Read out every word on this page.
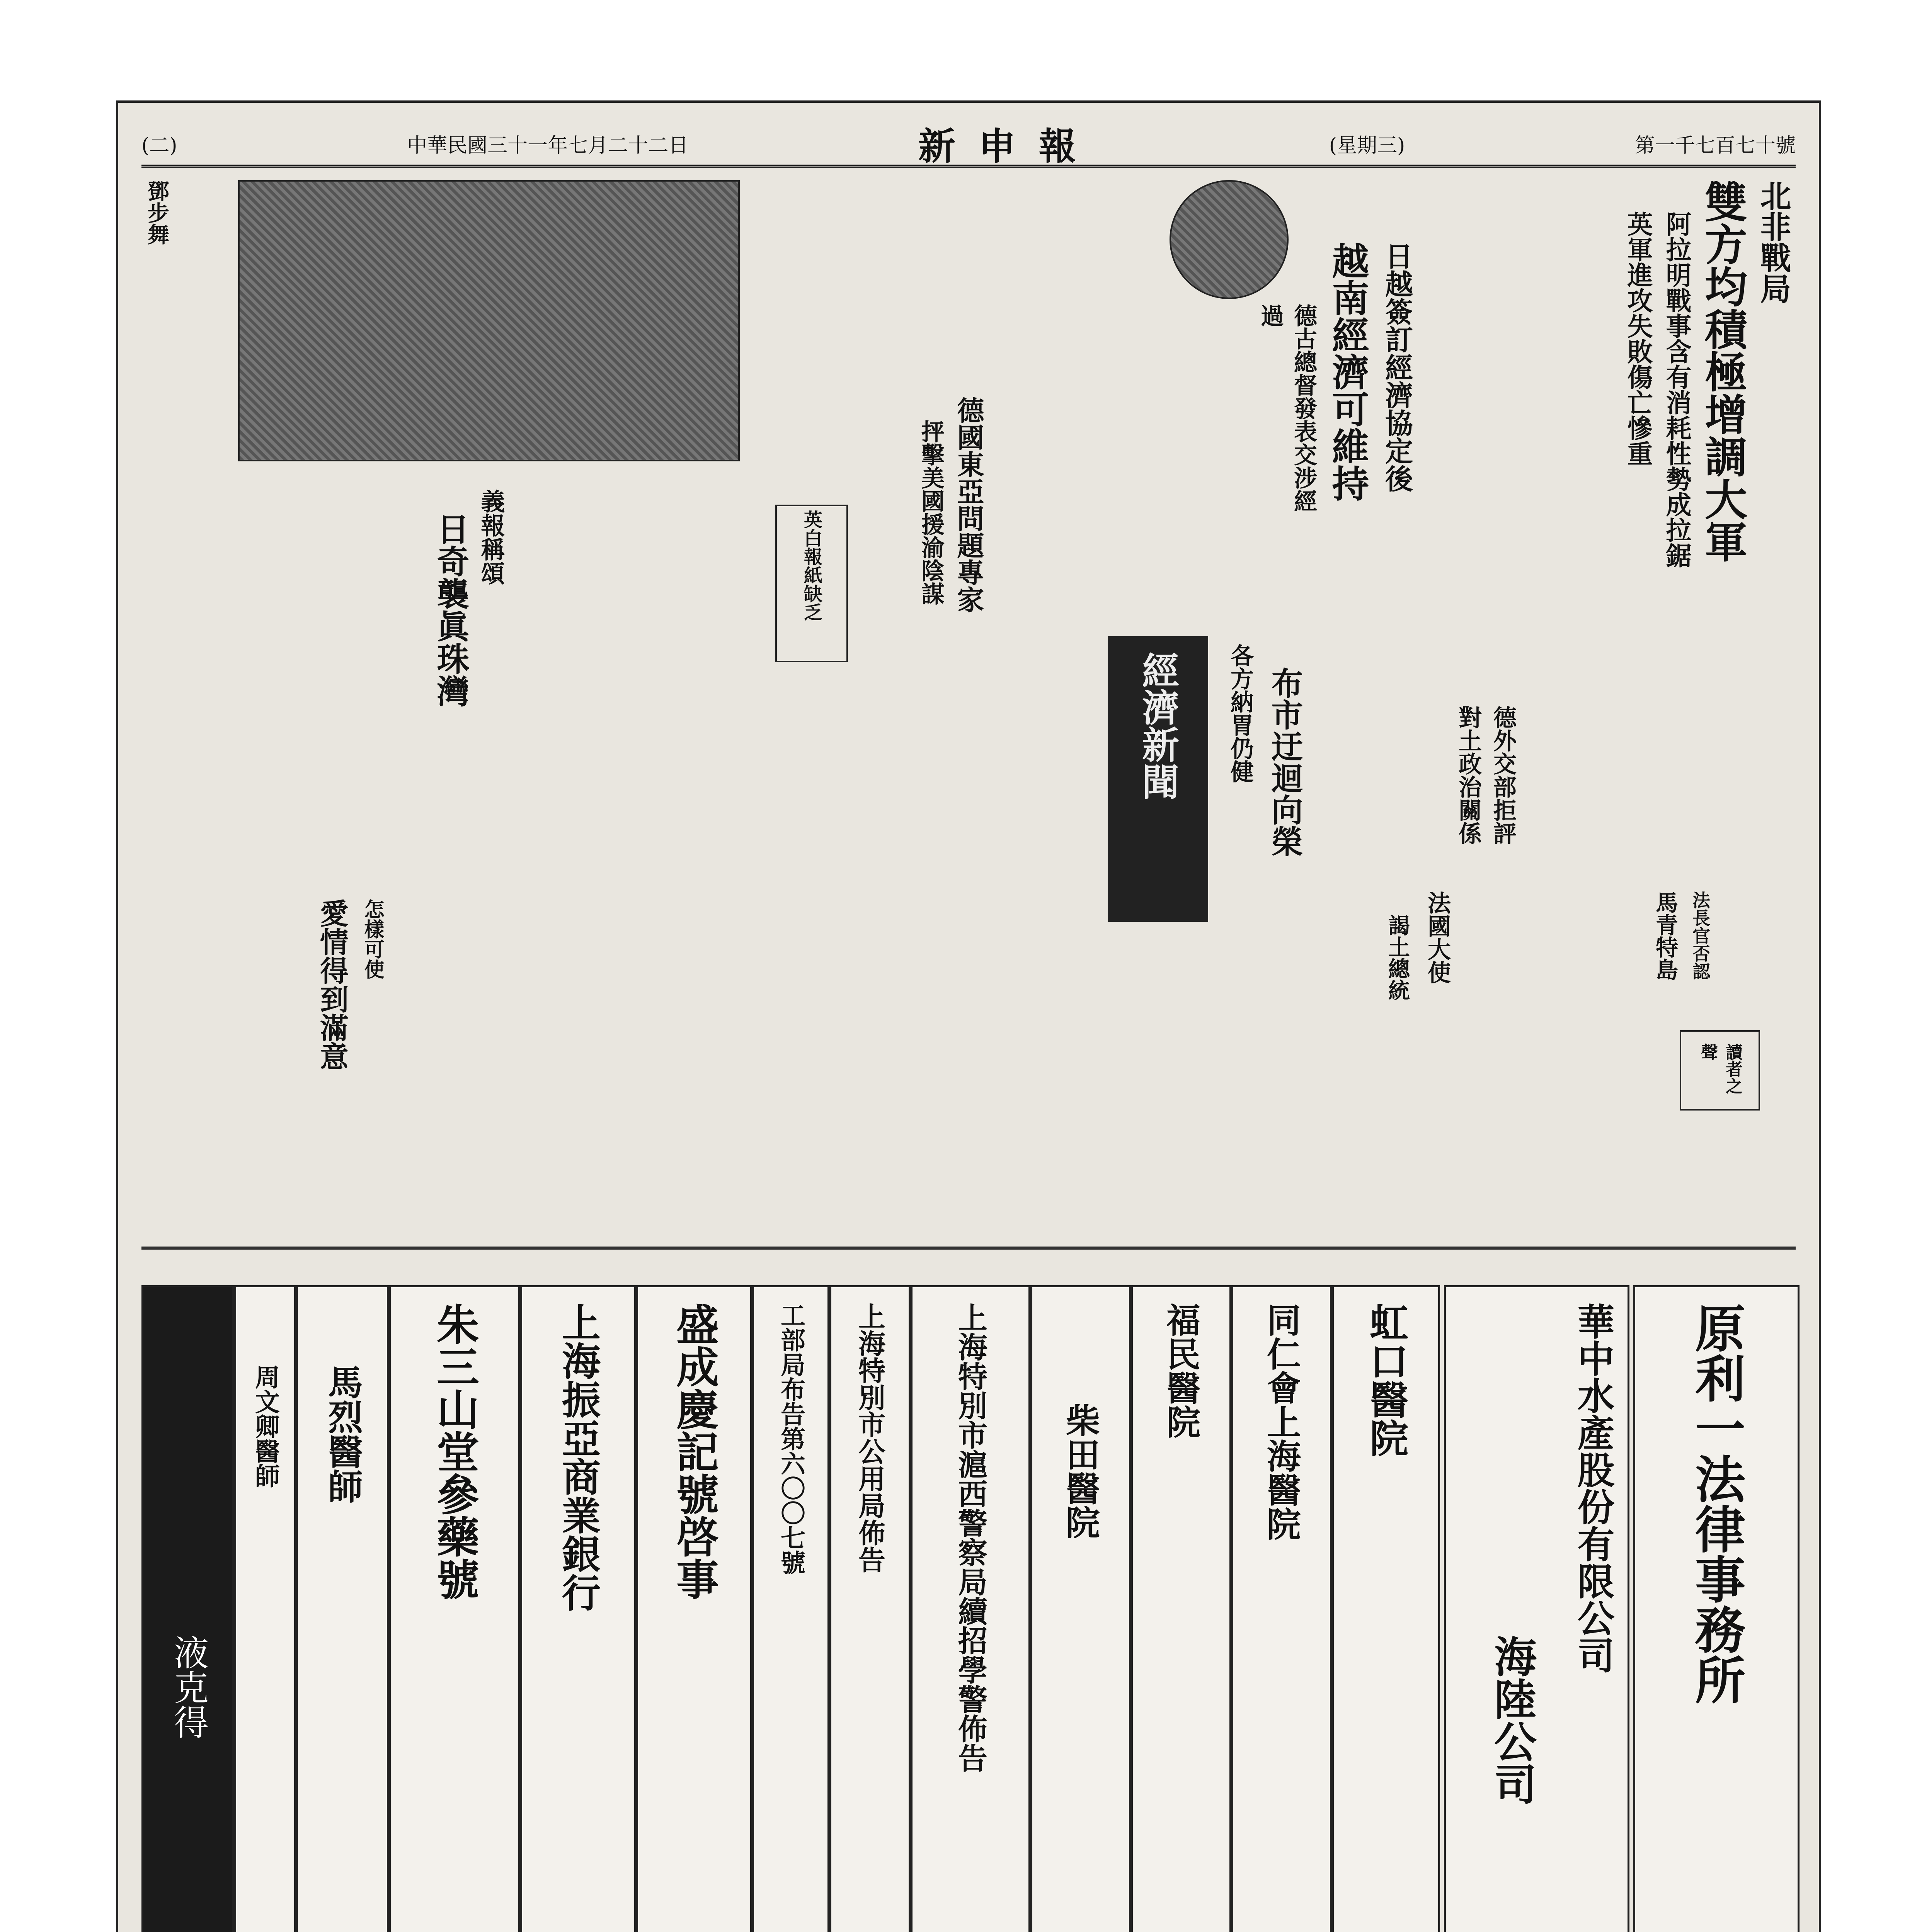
(二)	中華民國三十一年七月二十二日	新申報	(星期三)	第一千七百七十號
北非戰局
雙方均積極增調大軍
阿拉明戰事含有消耗性勢成拉鋸
英軍進攻失敗傷亡慘重
鄧步舞
日越簽訂經濟協定後
越南經濟可維持
德古總督發表交涉經過
德國東亞問題專家
抨擊美國援渝陰謀
日奇襲眞珠灣 義報稱頌	英白報紙缺乏
經濟新聞 各方納胃仍健 布市迂迴向榮	德外交部拒評
對土政治關係
法國大使
謁土總統	馬青特島 法長官否認
讀者之聲
愛情得到滿意 怎樣可使
原利一法律事務所
華中水產股份有限公司
海陸公司
虹口醫院
同仁會上海醫院
福民醫院
柴田醫院
上海特別市滬西警察局續招學警佈告
上海特別市公用局佈告
工部局布告第六〇〇七號
盛成慶記號啓事
上海振亞商業銀行
朱三山堂參藥號
馬烈醫師
周文卿醫師
液克得
